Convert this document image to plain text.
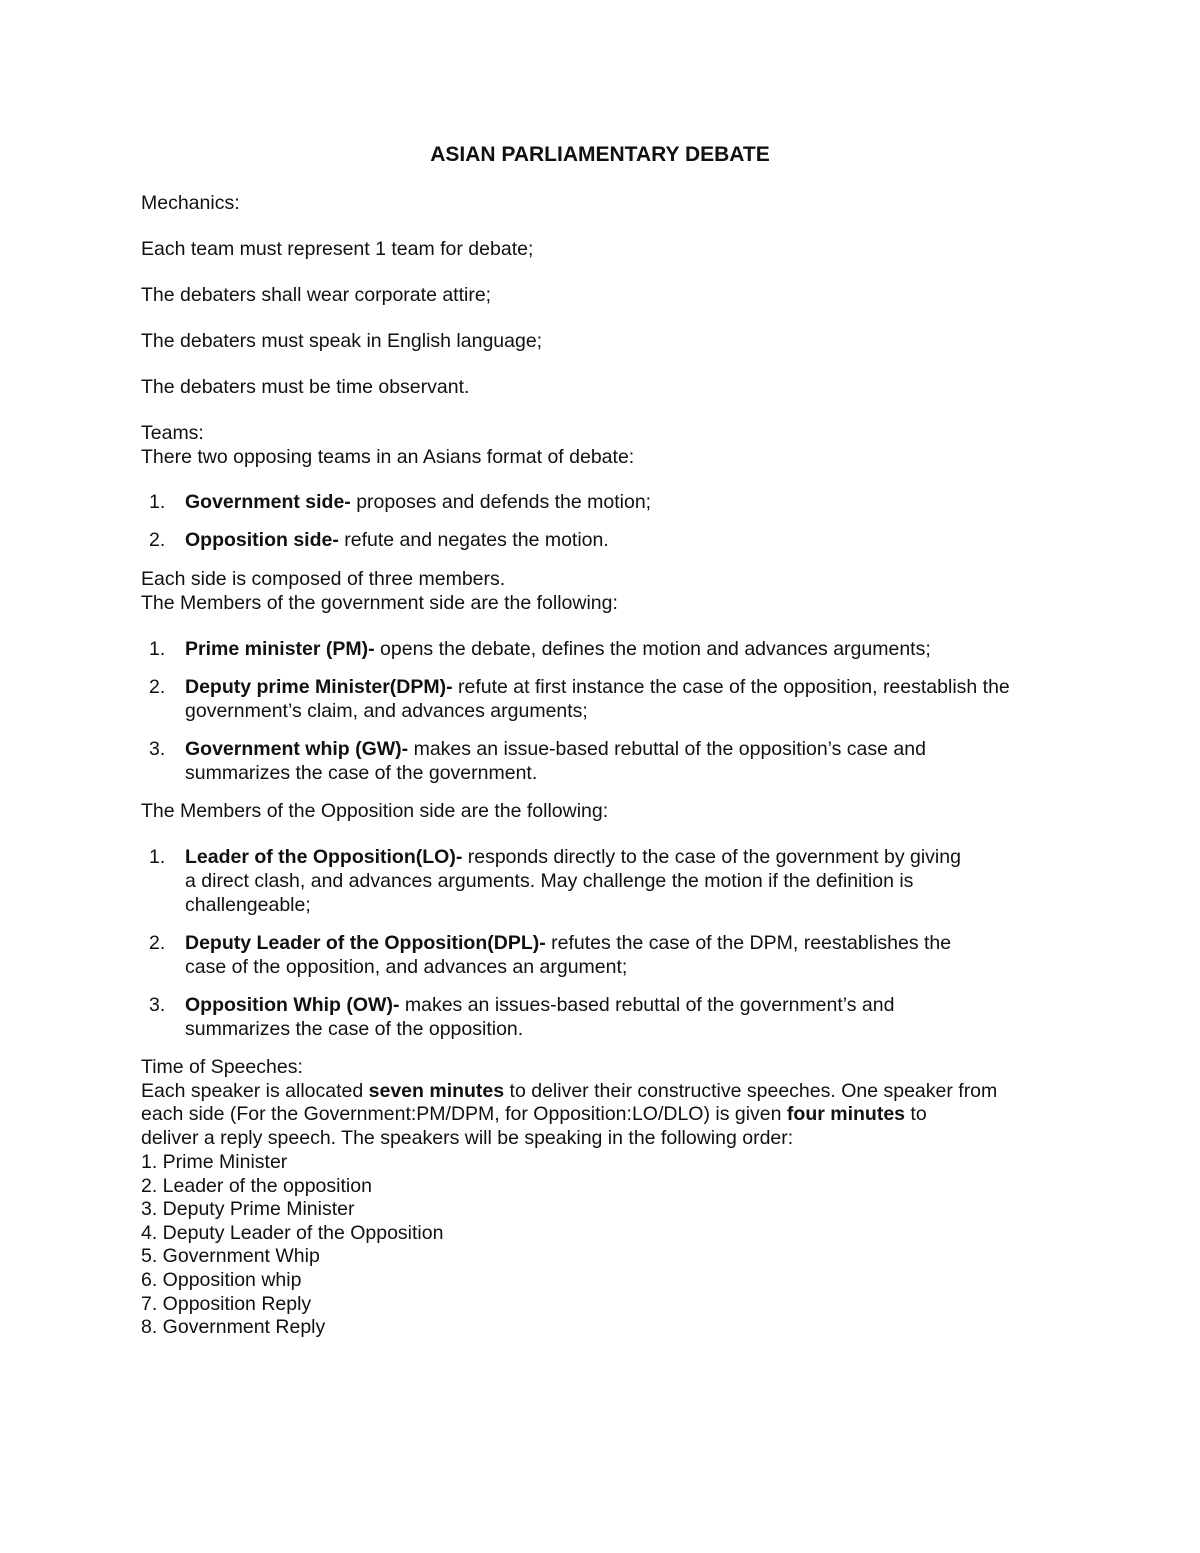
ASIAN PARLIAMENTARY DEBATE

Mechanics:

Each team must represent 1 team for debate;

The debaters shall wear corporate attire;

The debaters must speak in English language;

The debaters must be time observant.

Teams:

There two opposing teams in an Asians format of debate:

1.	Government side- proposes and defends the motion;
2.	Opposition side- refute and negates the motion.

Each side is composed of three members.

The Members of the government side are the following:

1.	Prime minister (PM)- opens the debate, defines the motion and advances arguments;
2.	Deputy prime Minister(DPM)- refute at first instance the case of the opposition, reestablish the
government’s claim, and advances arguments;
3.	Government whip (GW)- makes an issue-based rebuttal of the opposition’s case and
summarizes the case of the government.

The Members of the Opposition side are the following:

1.	Leader of the Opposition(LO)- responds directly to the case of the government by giving
a direct clash, and advances arguments. May challenge the motion if the definition is
challengeable;
2.	Deputy Leader of the Opposition(DPL)- refutes the case of the DPM, reestablishes the
case of the opposition, and advances an argument;
3.	Opposition Whip (OW)- makes an issues-based rebuttal of the government’s and
summarizes the case of the opposition.

Time of Speeches:

Each speaker is allocated seven minutes to deliver their constructive speeches. One speaker from

each side (For the Government:PM/DPM, for Opposition:LO/DLO) is given four minutes to

deliver a reply speech. The speakers will be speaking in the following order:

1. Prime Minister

2. Leader of the opposition

3. Deputy Prime Minister

4. Deputy Leader of the Opposition

5. Government Whip

6. Opposition whip

7. Opposition Reply

8. Government Reply
